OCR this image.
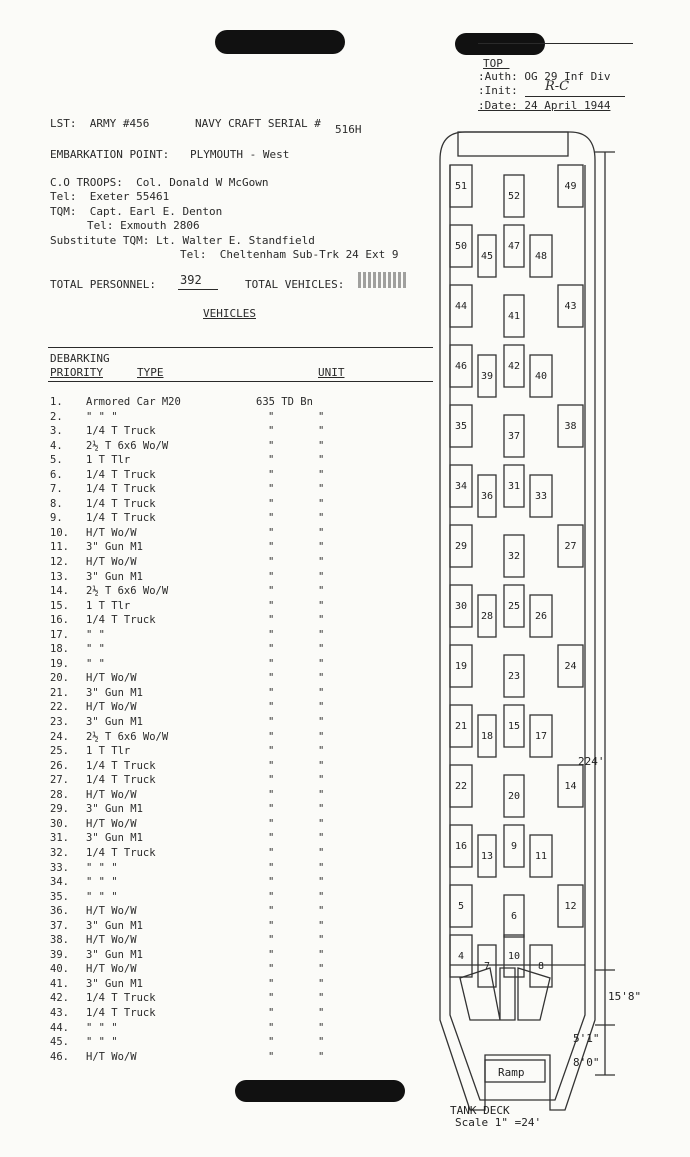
TOP
:Auth: OG 29 Inf Div
:Init: R-C
:Date: 24 April 1944
LST:  ARMY #456	NAVY CRAFT SERIAL # 516H
EMBARKATION POINT: PLYMOUTH - West
C.O TROOPS:  Col. Donald W McGown
Tel:  Exeter 55461
TQM:  Capt. Earl E. Denton
Tel: Exmouth 2806
Substitute TQM: Lt. Walter E. Standfield
Tel:  Cheltenham Sub-Trk 24 Ext 9
TOTAL PERSONNEL: 392	TOTAL VEHICLES:
VEHICLES
DEBARKING
PRIORITY	TYPE	UNIT
1.	Armored Car M20	635 TD Bn
2.	" " "	"	"
3.	1/4 T Truck	"	"
4.	2½ T 6x6 Wo/W	"	"
5.	1 T Tlr	"	"
6.	1/4 T Truck	"	"
7.	1/4 T Truck	"	"
8.	1/4 T Truck	"	"
9.	1/4 T Truck	"	"
10.	H/T Wo/W	"	"
11.	3" Gun M1	"	"
12.	H/T Wo/W	"	"
13.	3" Gun M1	"	"
14.	2½ T 6x6 Wo/W	"	"
15.	1 T Tlr	"	"
16.	1/4 T Truck	"	"
17.	" "	"	"
18.	" "	"	"
19.	" "	"	"
20.	H/T Wo/W	"	"
21.	3" Gun M1	"	"
22.	H/T Wo/W	"	"
23.	3" Gun M1	"	"
24.	2½ T 6x6 Wo/W	"	"
25.	1 T Tlr	"	"
26.	1/4 T Truck	"	"
27.	1/4 T Truck	"	"
28.	H/T Wo/W	"	"
29.	3" Gun M1	"	"
30.	H/T Wo/W	"	"
31.	3" Gun M1	"	"
32.	1/4 T Truck	"	"
33.	" " "	"	"
34.	" " "	"	"
35.	" " "	"	"
36.	H/T Wo/W	"	"
37.	3" Gun M1	"	"
38.	H/T Wo/W	"	"
39.	3" Gun M1	"	"
40.	H/T Wo/W	"	"
41.	3" Gun M1	"	"
42.	1/4 T Truck	"	"
43.	1/4 T Truck	"	"
44.	" " "	"	"
45.	" " "	"	"
46.	H/T Wo/W	"	"
51
52
49
50
45
47
48
44
41
43
46
39
42
40
35
37
38
34
36
31
33
29
32
27
30
28
25
26
19
23
24
21
18
15
17
22
20
14
16
13
9
11
5
6
12
4
7
10
8
224'
15'8"
5'1"
8'0"
Ramp
TANK DECK
Scale 1" =24'
